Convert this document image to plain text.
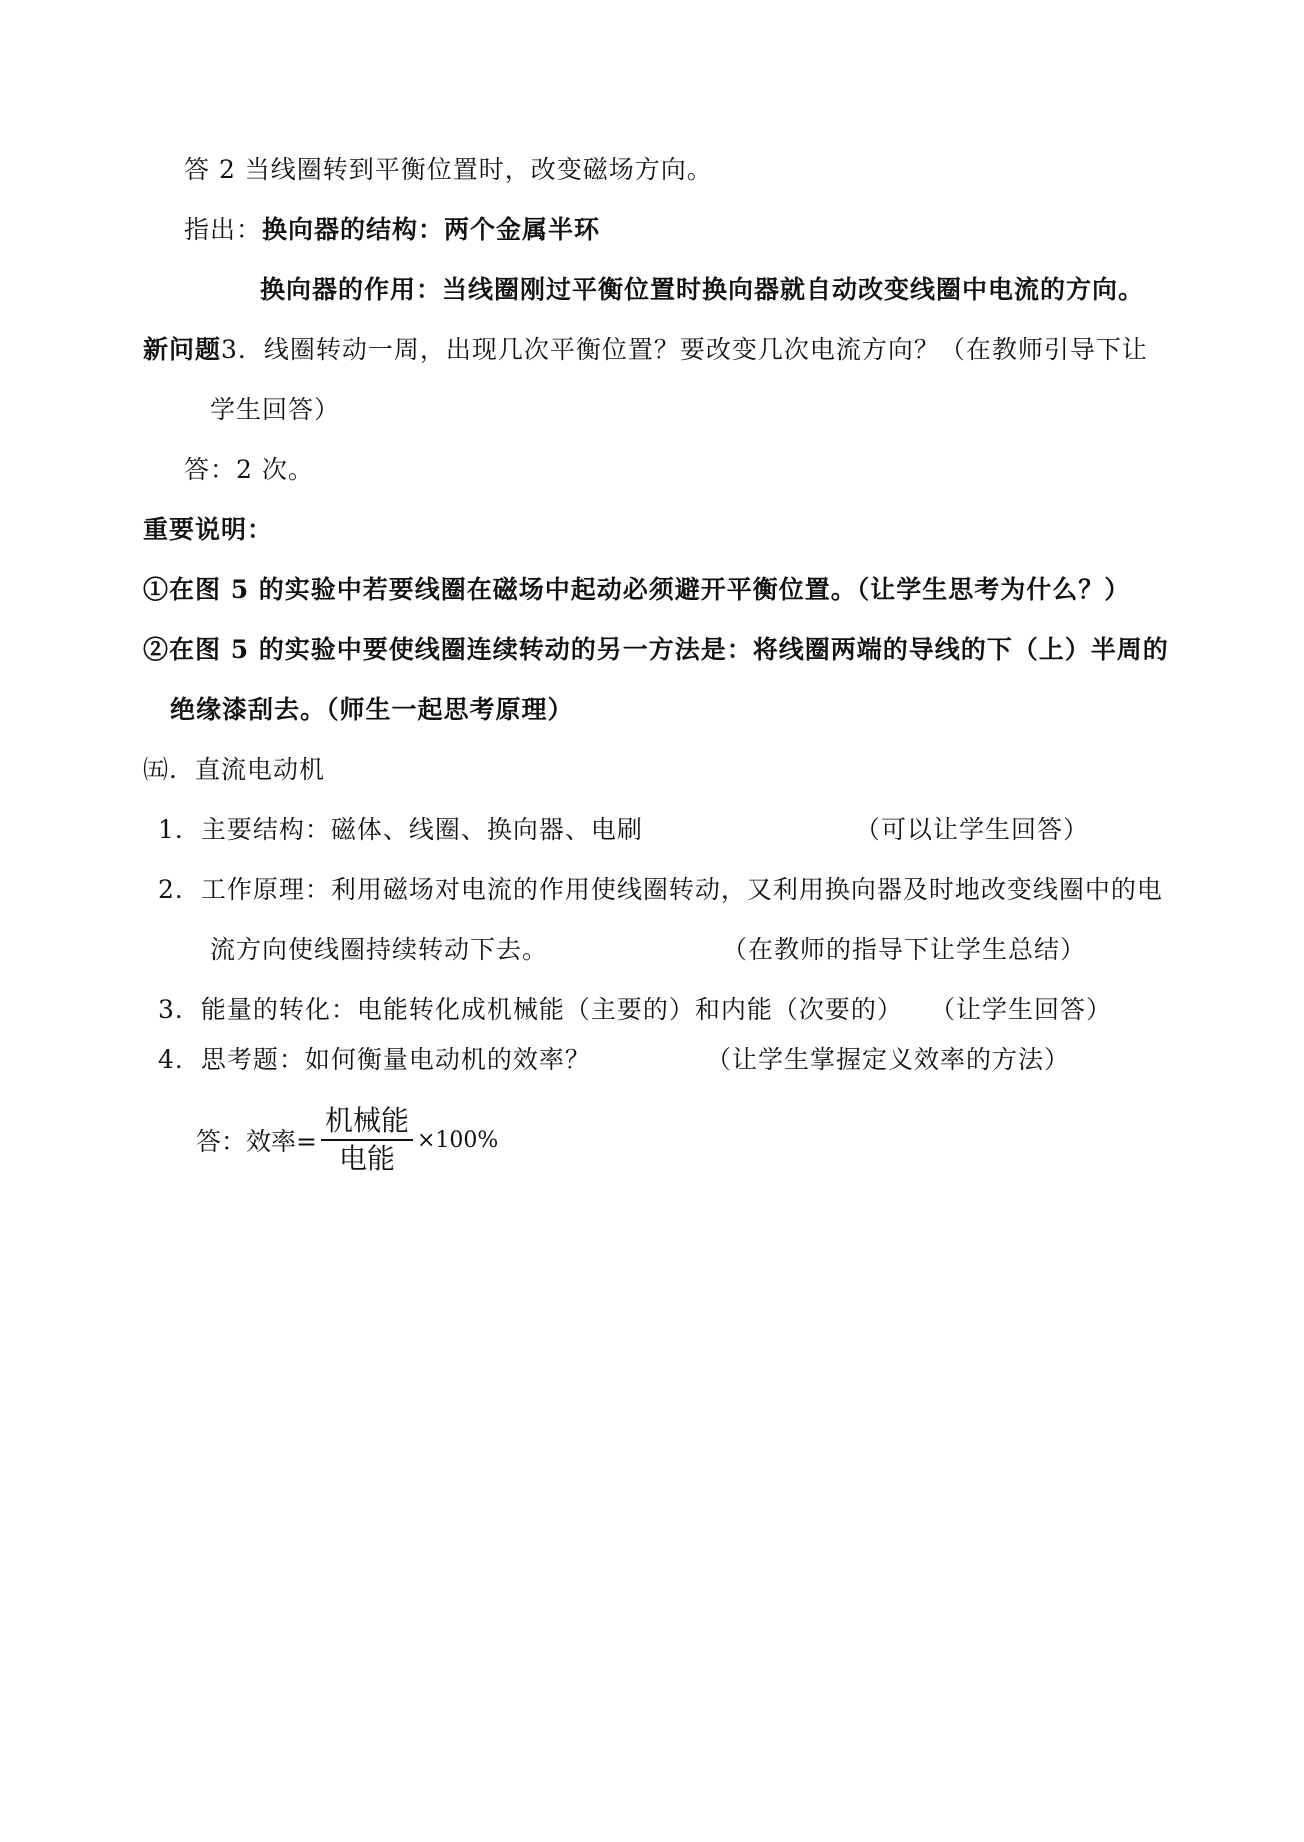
答 2 当线圈转到平衡位置时，改变磁场方向。
指出：换向器的结构：两个金属半环
换向器的作用：当线圈刚过平衡位置时换向器就自动改变线圈中电流的方向。
新问题3．线圈转动一周，出现几次平衡位置？要改变几次电流方向？（在教师引导下让
学生回答）
答：2 次。
重要说明：
①在图 5 的实验中若要线圈在磁场中起动必须避开平衡位置。（让学生思考为什么？）
②在图 5 的实验中要使线圈连续转动的另一方法是：将线圈两端的导线的下（上）半周的
绝缘漆刮去。（师生一起思考原理）
㈤．直流电动机
1．主要结构：磁体、线圈、换向器、电刷	（可以让学生回答）
2．工作原理：利用磁场对电流的作用使线圈转动，又利用换向器及时地改变线圈中的电
流方向使线圈持续转动下去。	（在教师的指导下让学生总结）
3．能量的转化：电能转化成机械能（主要的）和内能（次要的） （让学生回答）
4．思考题：如何衡量电动机的效率？	（让学生掌握定义效率的方法）
答：效率= $\frac{\text{机械能}}{\text{电能}} \times 100\%$
